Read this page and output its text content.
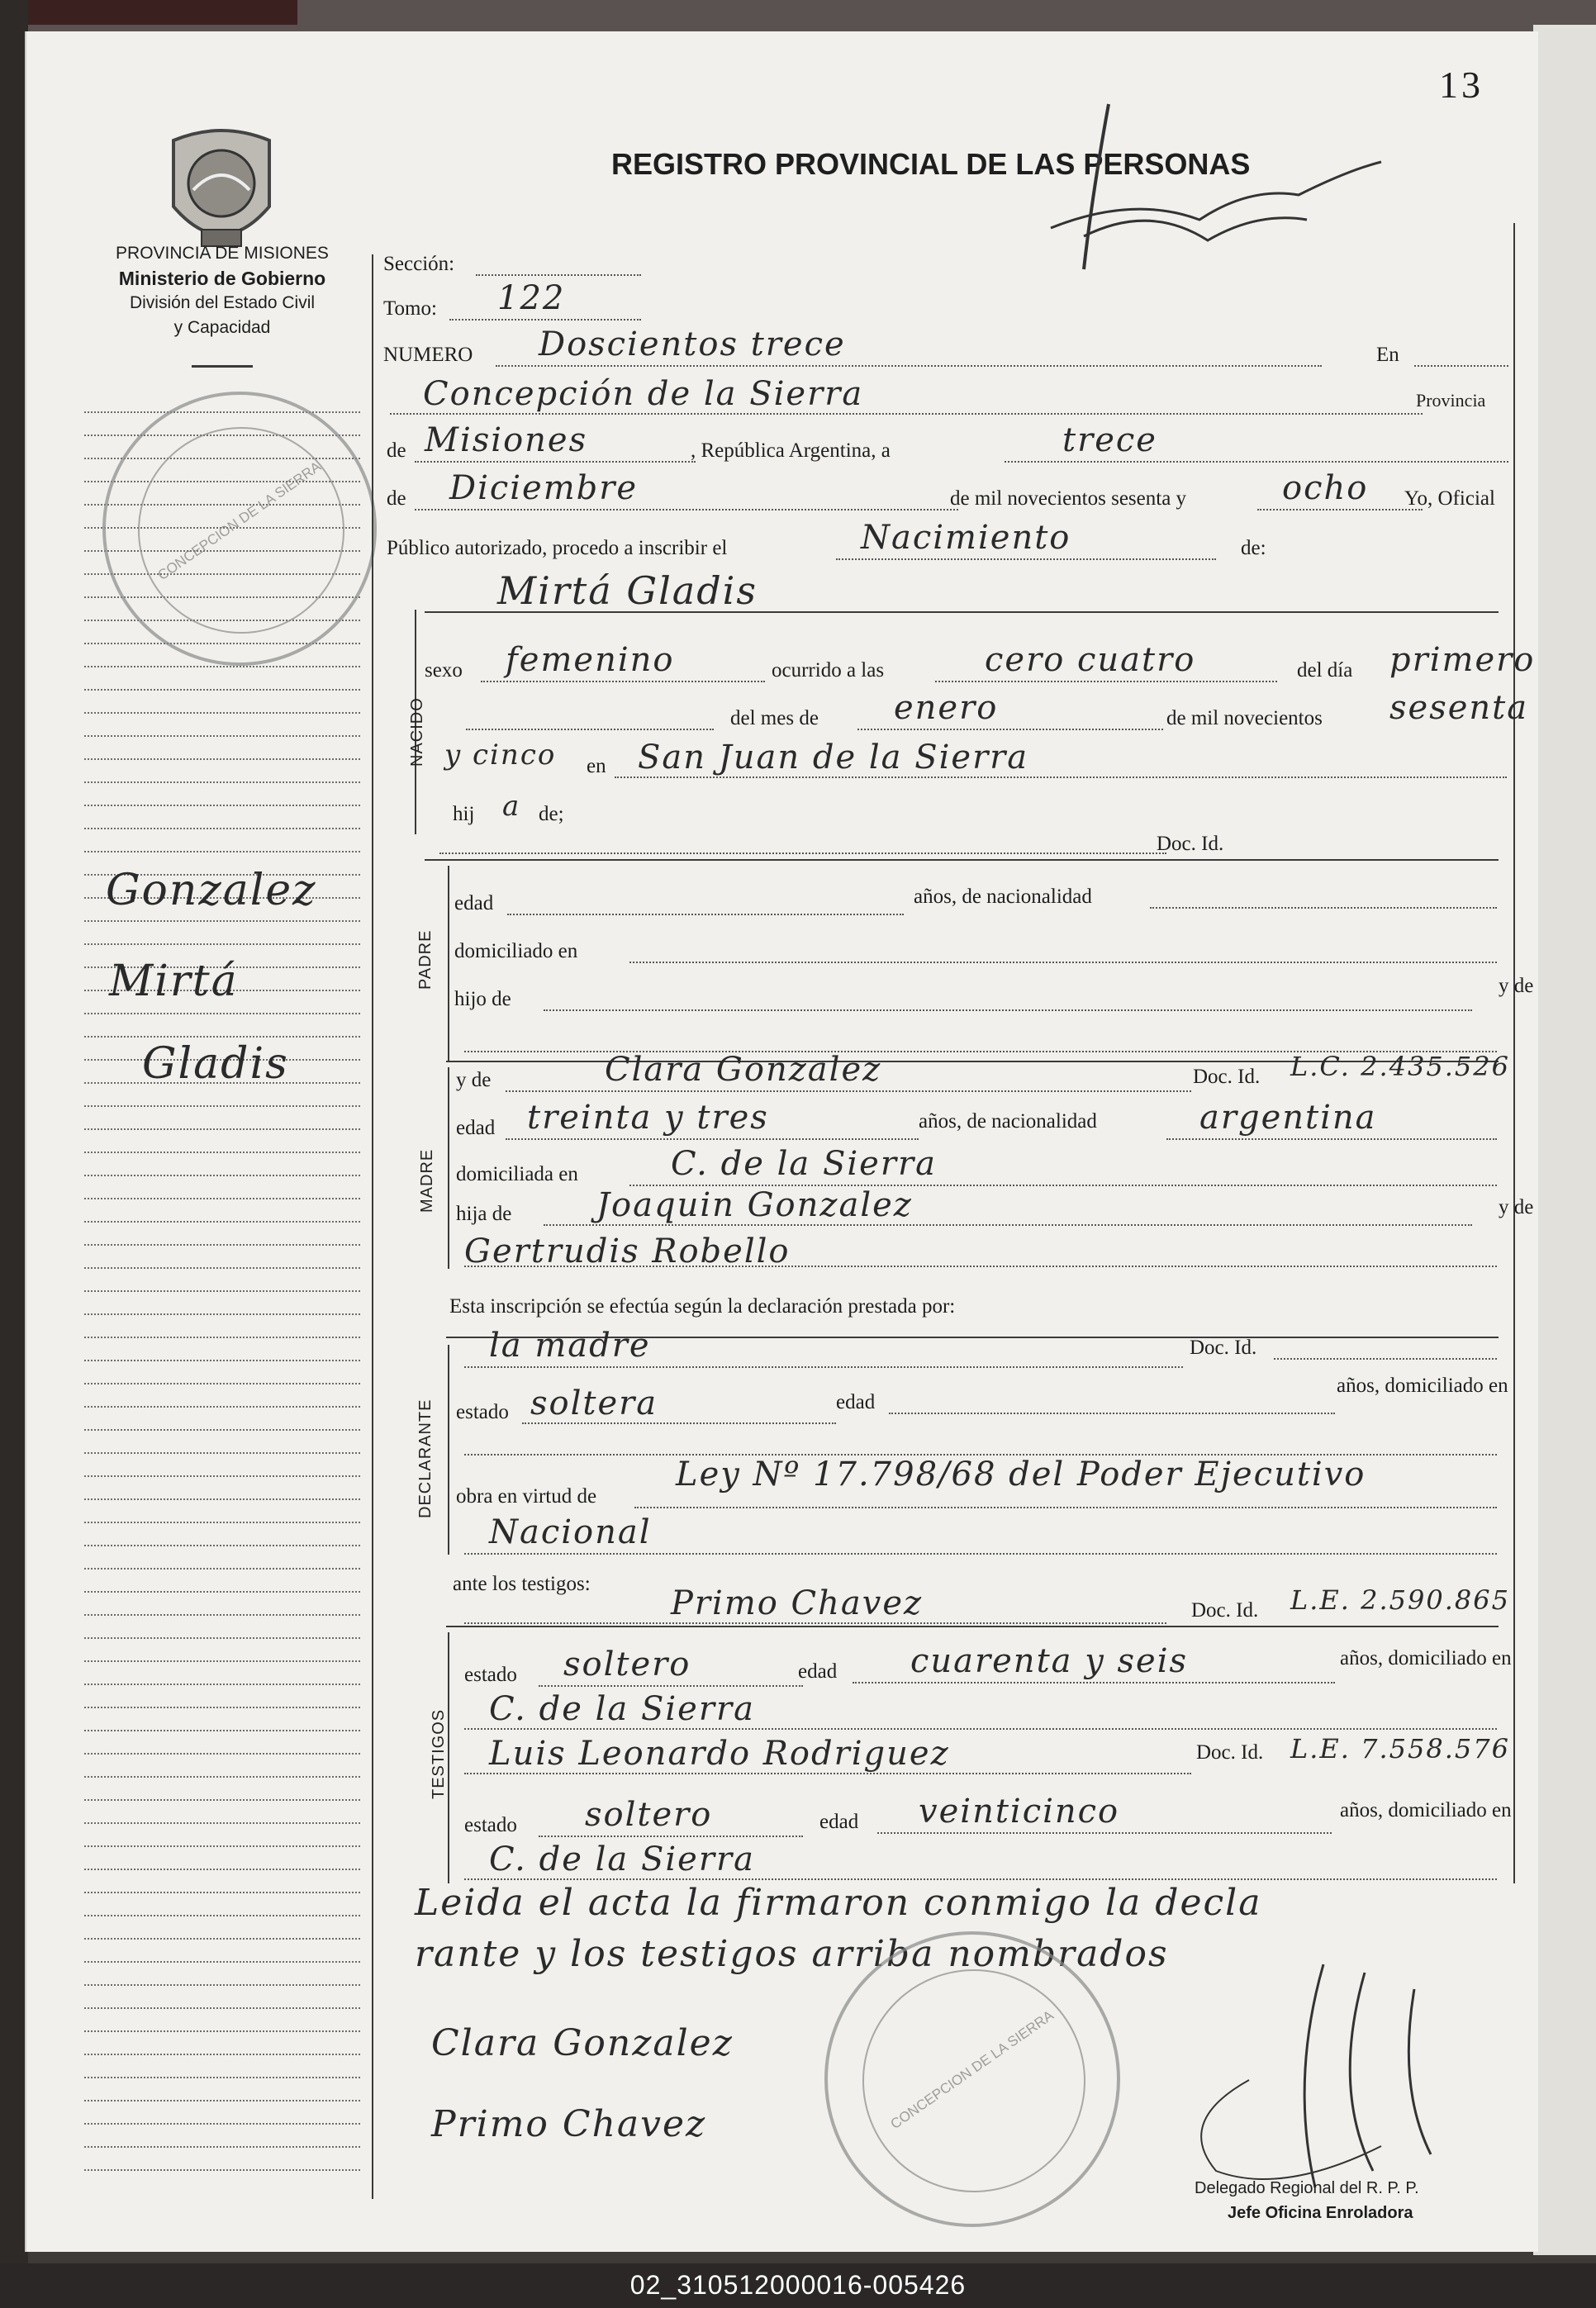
13
REGISTRO PROVINCIAL DE LAS PERSONAS
PROVINCIA DE MISIONES
Ministerio de Gobierno
División del Estado Civil
y Capacidad
CONCEPCION DE LA SIERRA
Gonzalez
Mirtá
Gladis
Sección:
Tomo: 122
NUMERO Doscientos trece	En
Concepción de la Sierra	Provincia
de Misiones	, República Argentina, a	trece
de Diciembre	de mil novecientos sesenta y	ocho Yo, Oficial
Público autorizado, procedo a inscribir el	Nacimiento	de:
NACIDO
Mirtá Gladis
sexo femenino	ocurrido a las	cero cuatro	del día primero
del mes de enero	de mil novecientos sesenta
y cinco en San Juan de la Sierra
hij a de;
Doc. Id.
PADRE
edad	años, de nacionalidad
domiciliado en
hijo de
y de
MADRE
y de	Clara Gonzalez	Doc. Id. L.C. 2.435.526
edad treinta y tres	años, de nacionalidad	argentina
domiciliada en	C. de la Sierra
hija de	Joaquin Gonzalez	y de
Gertrudis Robello
Esta inscripción se efectúa según la declaración prestada por:
DECLARANTE
la madre	Doc. Id.
estado soltera	edad
años, domiciliado en
obra en virtud de
Ley Nº 17.798/68 del Poder Ejecutivo
Nacional
ante los testigos:
TESTIGOS
Primo Chavez	Doc. Id. L.E. 2.590.865
estado soltero	edad cuarenta y seis	años, domiciliado en
C. de la Sierra
Luis Leonardo Rodriguez	Doc. Id. L.E. 7.558.576
estado soltero	edad veinticinco	años, domiciliado en
C. de la Sierra
Leida el acta la firmaron conmigo la decla
rante y los testigos arriba nombrados
CONCEPCION DE LA SIERRA
Clara Gonzalez
Primo Chavez
Delegado Regional del R. P. P.
Jefe Oficina Enroladora
02_310512000016-005426
